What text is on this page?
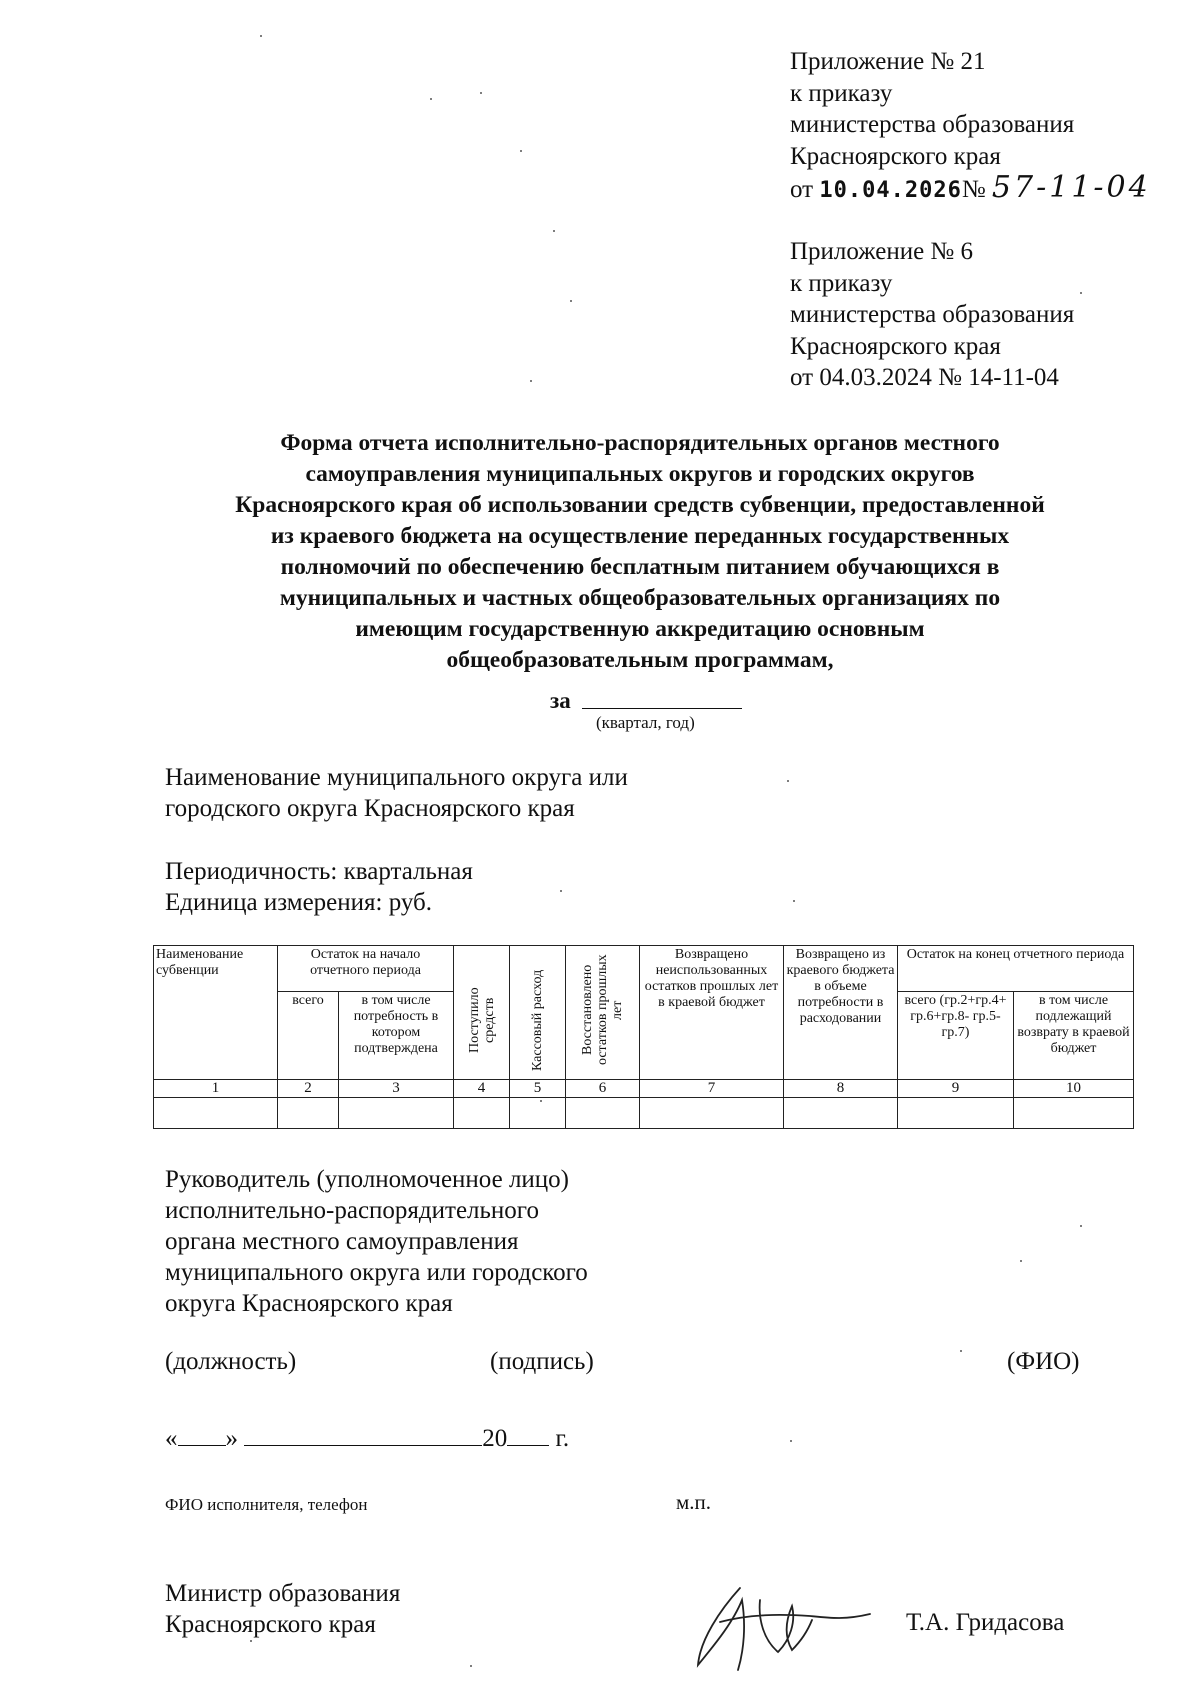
Приложение № 21
к приказу
министерства образования
Красноярского края
от 10.04.2026№ 57-11-04
Приложение № 6
к приказу
министерства образования
Красноярского края
от 04.03.2024 № 14-11-04
Форма отчета исполнительно-распорядительных органов местного
самоуправления муниципальных округов и городских округов
Красноярского края об использовании средств субвенции, предоставленной
из краевого бюджета на осуществление переданных государственных
полномочий по обеспечению бесплатным питанием обучающихся в
муниципальных и частных общеобразовательных организациях по
имеющим государственную аккредитацию основным
общеобразовательным программам,
за
(квартал, год)
Наименование муниципального округа или
городского округа Красноярского края
Периодичность: квартальная
Единица измерения: руб.
Наименование субвенции	Остаток на начало отчетного периода		Поступило средств	Кассовый расход	Восстановлено остатков прошлых лет	Возвращено неиспользованных остатков прошлых лет в краевой бюджет	Возвращено из краевого бюджета в объеме потребности в расходовании	Остаток на конец отчетного периода	
	всего	в том числе потребность в котором подтверждена						всего (гр.2+гр.4+ гр.6+гр.8- гр.5-гр.7)	в том числе подлежащий возврату в краевой бюджет
1	2	3	4	5	6	7	8	9	10

Руководитель (уполномоченное лицо)
исполнительно-распорядительного
органа местного самоуправления
муниципального округа или городского
округа Красноярского края
(должность)	(подпись)	(ФИО)
« »	20 г.
ФИО исполнителя, телефон	м.п.
Министр образования
Красноярского края	Т.А. Гридасова
